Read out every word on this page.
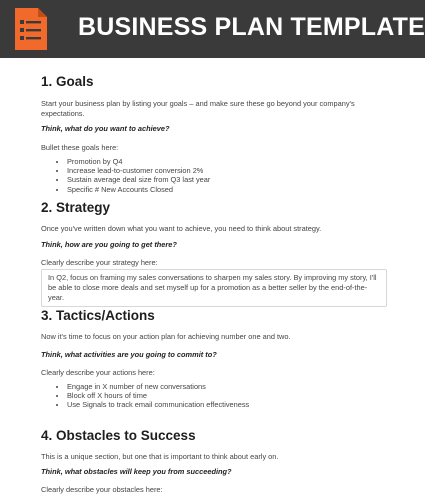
BUSINESS PLAN TEMPLATE
1. Goals

Start your business plan by listing your goals – and make sure these go beyond your company's expectations.

Think, what do you want to achieve?

Bullet these goals here:

• Promotion by Q4
• Increase lead-to-customer conversion 2%
• Sustain average deal size from Q3 last year
• Specific # New Accounts Closed
2. Strategy

Once you've written down what you want to achieve, you need to think about strategy.

Think, how are you going to get there?

Clearly describe your strategy here:

In Q2, focus on framing my sales conversations to sharpen my sales story. By improving my story, I'll be able to close more deals and set myself up for a promotion as a better seller by the end-of-the-year.
3. Tactics/Actions

Now it's time to focus on your action plan for achieving number one and two.

Think, what activities are you going to commit to?

Clearly describe your actions here:

• Engage in X number of new conversations
• Block off X hours of time
• Use Signals to track email communication effectiveness
4. Obstacles to Success

This is a unique section, but one that is important to think about early on.

Think, what obstacles will keep you from succeeding?

Clearly describe your obstacles here:
